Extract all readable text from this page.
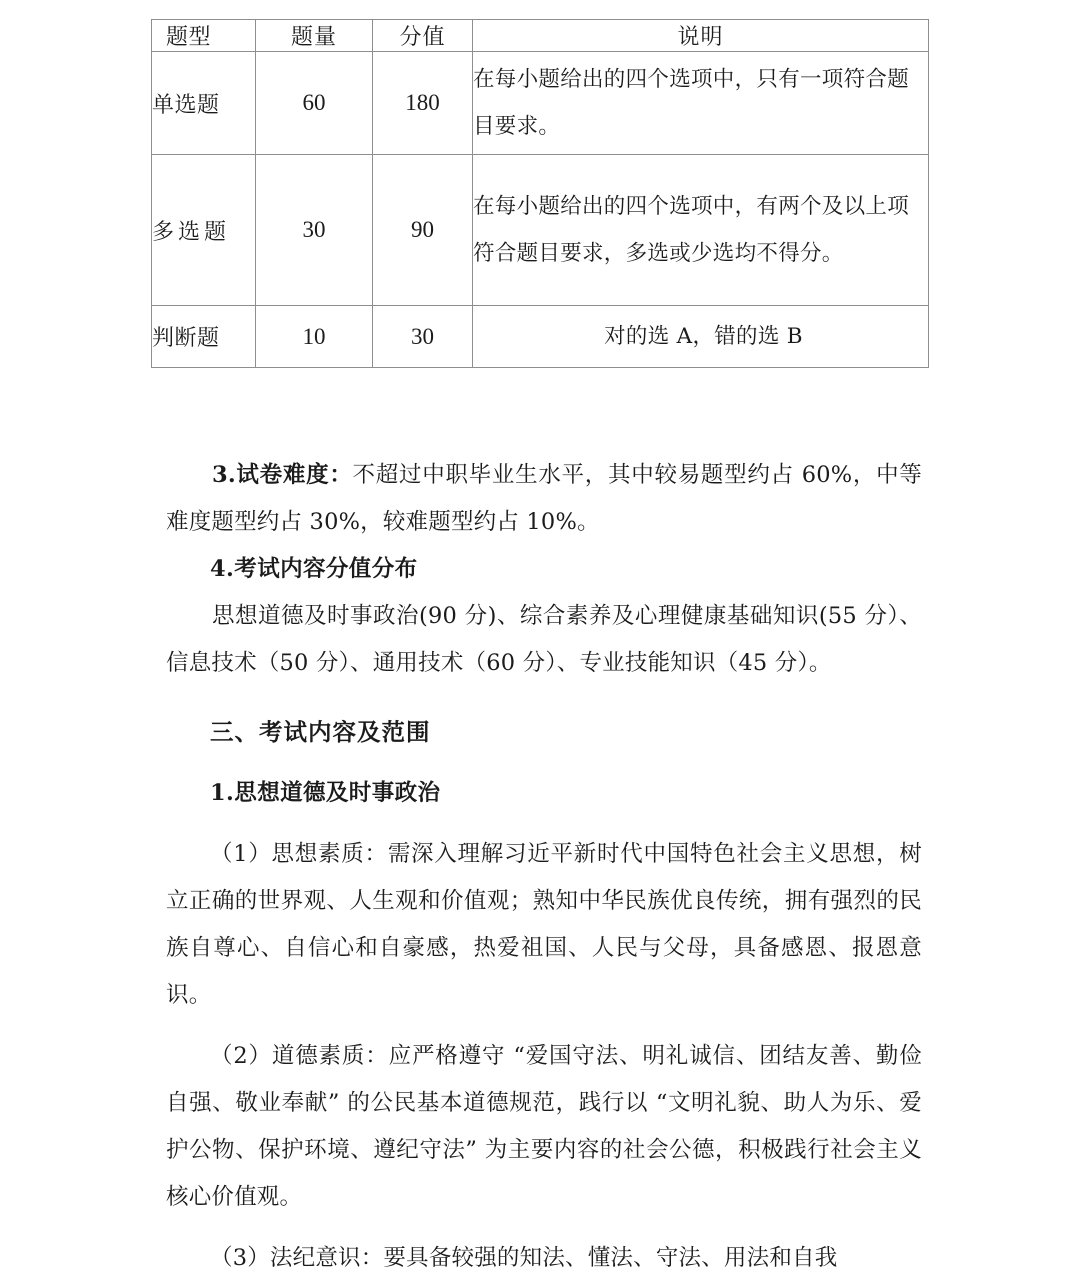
题型	题量	分值	说明
单选题	60	180	在每小题给出的四个选项中，只有一项符合题目要求。
多选题	30	90	在每小题给出的四个选项中，有两个及以上项符合题目要求，多选或少选均不得分。
判断题	10	30	对的选 A，错的选 B

3.试卷难度：不超过中职毕业生水平，其中较易题型约占 60%，中等难度题型约占 30%，较难题型约占 10%。

4.考试内容分值分布

思想道德及时事政治(90 分)、综合素养及心理健康基础知识(55 分）、信息技术（50 分）、通用技术（60 分）、专业技能知识（45 分）。

三、考试内容及范围

1.思想道德及时事政治

（1）思想素质：需深入理解习近平新时代中国特色社会主义思想，树立正确的世界观、人生观和价值观；熟知中华民族优良传统，拥有强烈的民族自尊心、自信心和自豪感，热爱祖国、人民与父母，具备感恩、报恩意识。

（2）道德素质：应严格遵守 “爱国守法、明礼诚信、团结友善、勤俭自强、敬业奉献” 的公民基本道德规范，践行以 “文明礼貌、助人为乐、爱护公物、保护环境、遵纪守法” 为主要内容的社会公德，积极践行社会主义核心价值观。

（3）法纪意识：要具备较强的知法、懂法、守法、用法和自我
